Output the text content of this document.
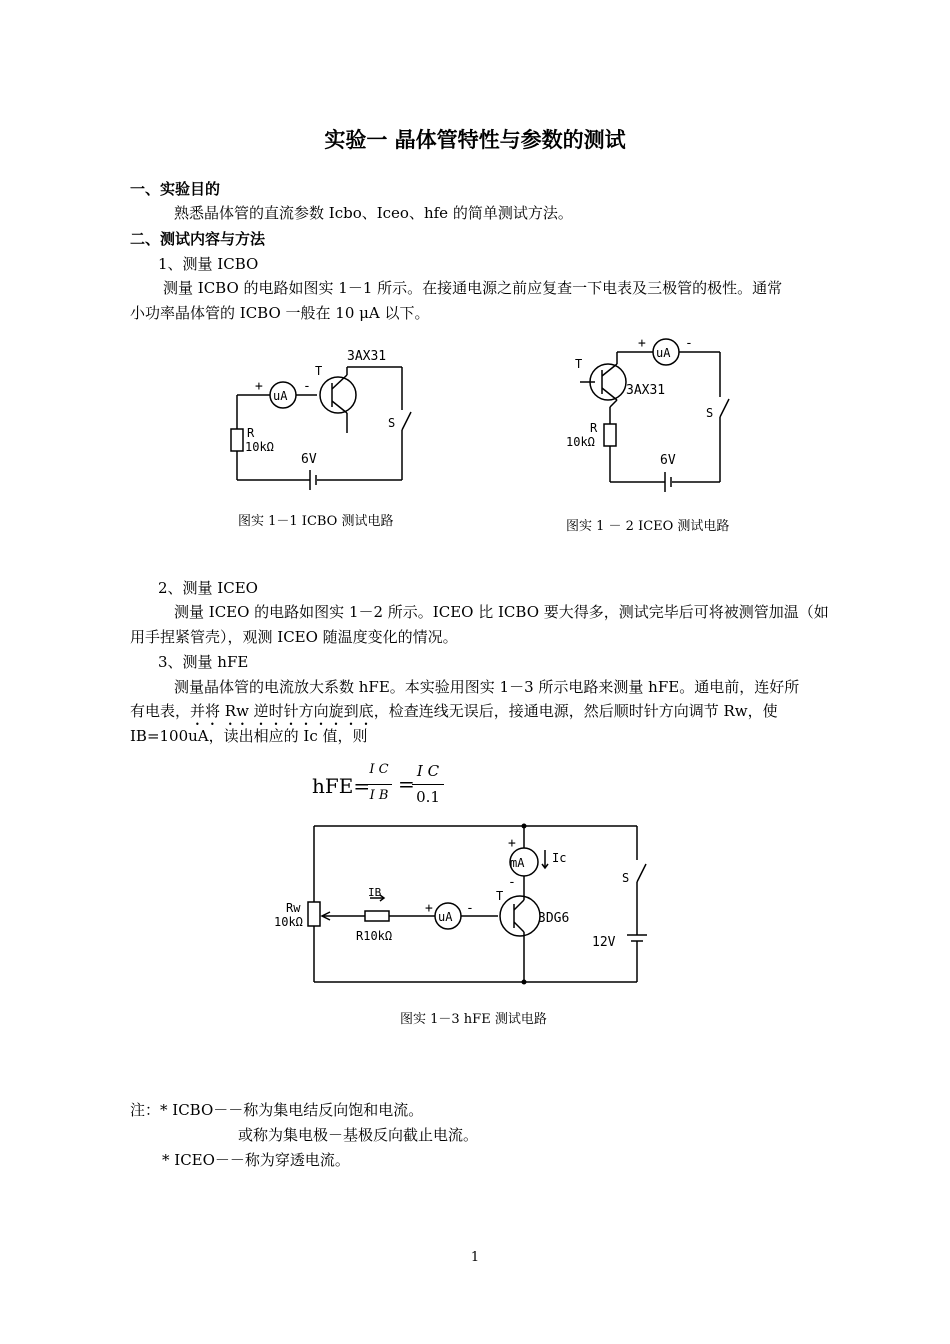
实验一 晶体管特性与参数的测试
一、实验目的
熟悉晶体管的直流参数 Icbo、Iceo、hfe 的简单测试方法。
二、测试内容与方法
1、测量 ICBO
测量 ICBO 的电路如图实 1－1 所示。在接通电源之前应复查一下电表及三极管的极性。通常
小功率晶体管的 ICBO 一般在 10 μA 以下。
uA
+	-
T
3AX31
S
R
10kΩ
6V
图实 1－1 ICBO 测试电路
uA
+	-
T
3AX31
S
R
10kΩ
6V
图实 1 － 2 ICEO 测试电路
2、测量 ICEO
测量 ICEO 的电路如图实 1－2 所示。ICEO 比 ICBO 要大得多，测试完毕后可将被测管加温（如
用手捏紧管壳），观测 ICEO 随温度变化的情况。
3、测量 hFE
测量晶体管的电流放大系数 hFE。本实验用图实 1－3 所示电路来测量 hFE。通电前，连好所
有电表，并将 Rw 逆时针方向旋到底，检查连线无误后，接通电源，然后顺时针方向调节 Rw，使
IB=100uA，读出相应的 Ic 值，则
hFE=
I C
I B =
I C
0.1
Rw
10kΩ
IB
R10kΩ
+
uA
-
mA
+
-
Ic
T
3DG6
S
12V
图实 1－3 hFE 测试电路
注：* ICBO－－称为集电结反向饱和电流。
或称为集电极－基极反向截止电流。
* ICEO－－称为穿透电流。
1
